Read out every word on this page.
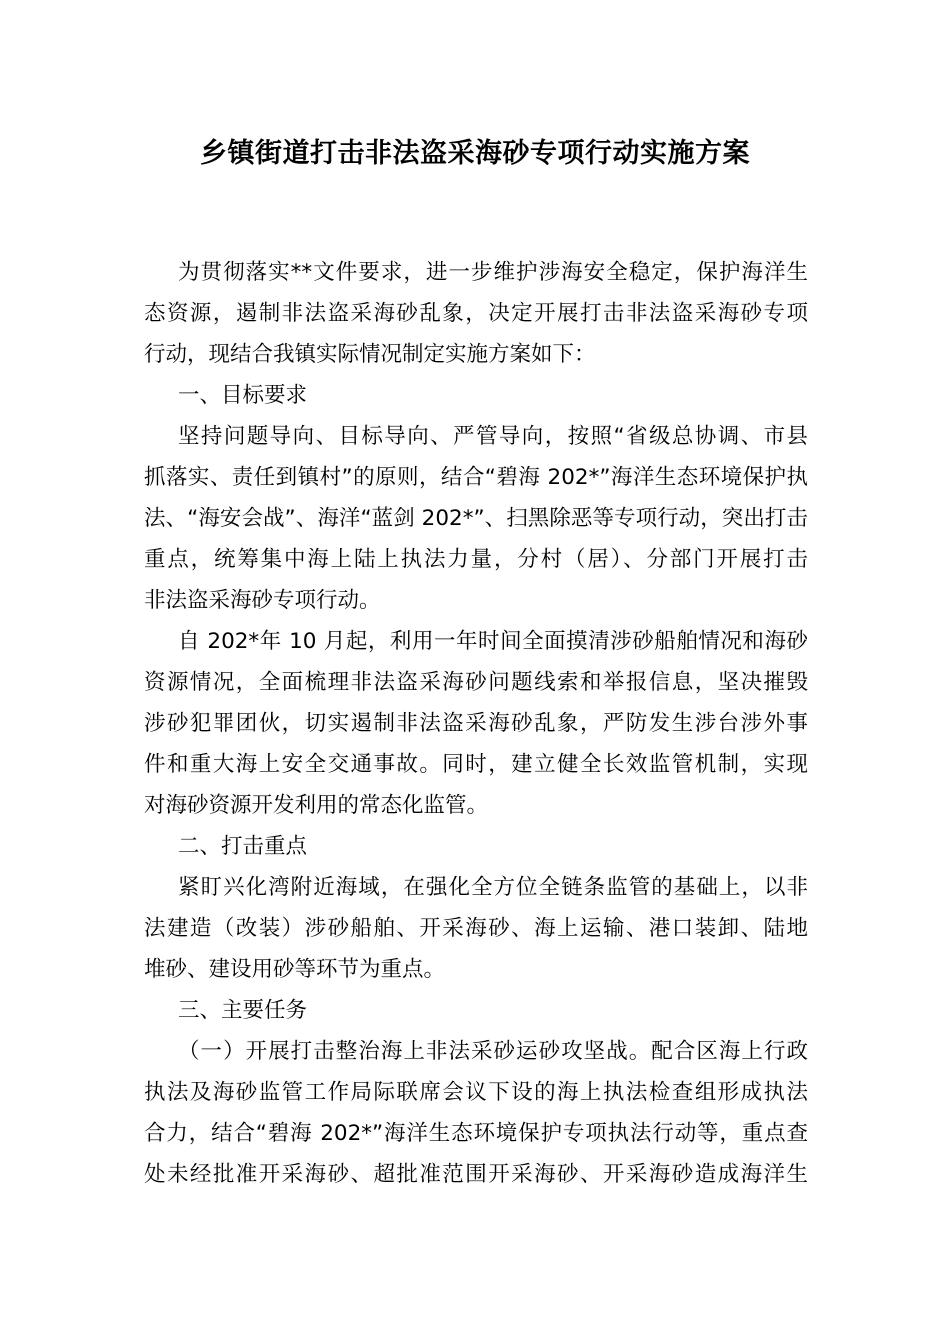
乡镇街道打击非法盗采海砂专项行动实施方案
为贯彻落实**文件要求，进一步维护涉海安全稳定，保护海洋生
态资源，遏制非法盗采海砂乱象，决定开展打击非法盗采海砂专项
行动，现结合我镇实际情况制定实施方案如下：
一、目标要求
坚持问题导向、目标导向、严管导向，按照“省级总协调、市县
抓落实、责任到镇村”的原则，结合“碧海 202*”海洋生态环境保护执
法、“海安会战”、海洋“蓝剑 202*”、扫黑除恶等专项行动，突出打击
重点，统筹集中海上陆上执法力量，分村（居）、分部门开展打击
非法盗采海砂专项行动。
自 202*年 10 月起，利用一年时间全面摸清涉砂船舶情况和海砂
资源情况，全面梳理非法盗采海砂问题线索和举报信息，坚决摧毁
涉砂犯罪团伙，切实遏制非法盗采海砂乱象，严防发生涉台涉外事
件和重大海上安全交通事故。同时，建立健全长效监管机制，实现
对海砂资源开发利用的常态化监管。
二、打击重点
紧盯兴化湾附近海域，在强化全方位全链条监管的基础上，以非
法建造（改装）涉砂船舶、开采海砂、海上运输、港口装卸、陆地
堆砂、建设用砂等环节为重点。
三、主要任务
（一）开展打击整治海上非法采砂运砂攻坚战。配合区海上行政
执法及海砂监管工作局际联席会议下设的海上执法检查组形成执法
合力，结合“碧海 202*”海洋生态环境保护专项执法行动等，重点查
处未经批准开采海砂、超批准范围开采海砂、开采海砂造成海洋生
